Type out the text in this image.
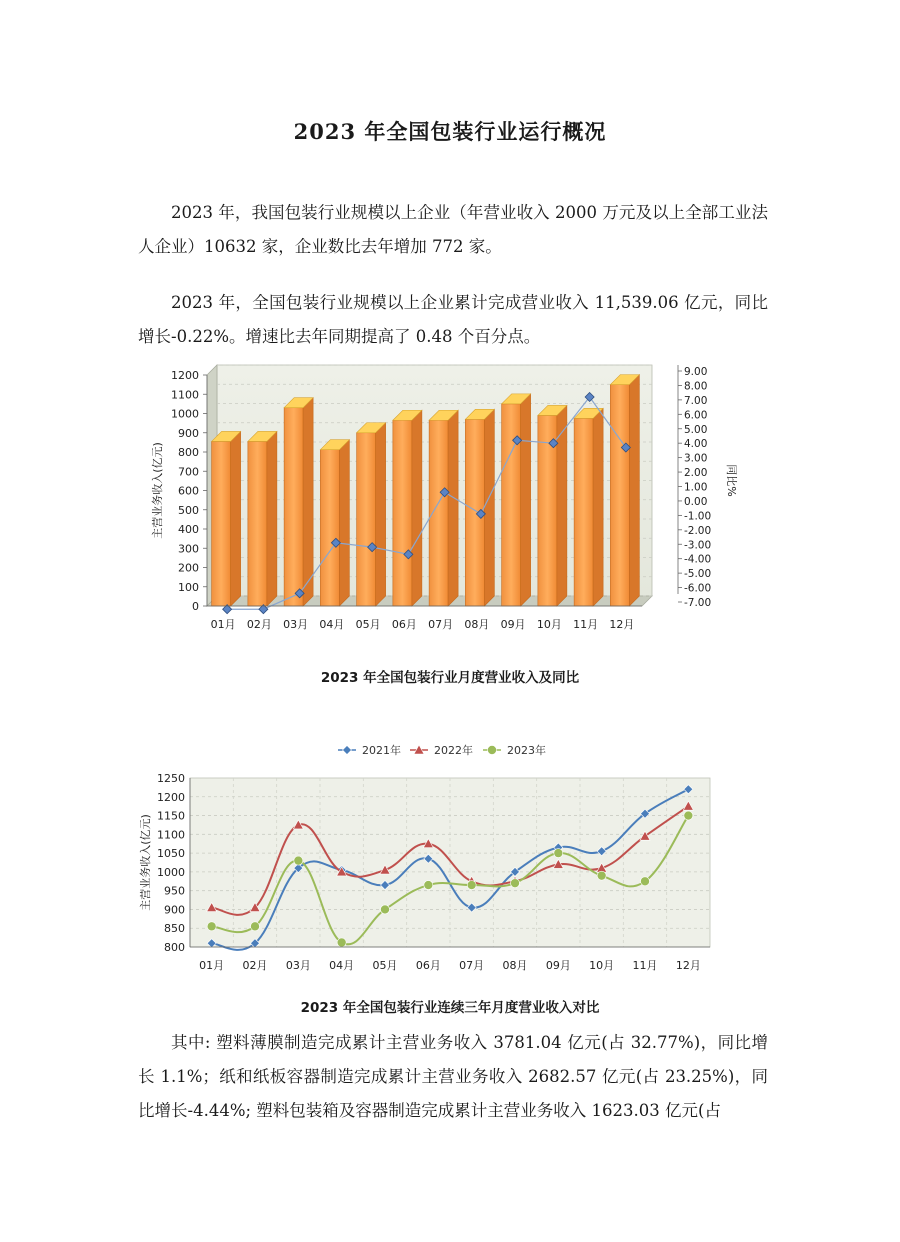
2023 年全国包装行业运行概况
2023 年，我国包装行业规模以上企业（年营业收入 2000 万元及以上全部工业法人企业）10632 家，企业数比去年增加 772 家。
2023 年，全国包装行业规模以上企业累计完成营业收入 11,539.06 亿元，同比增长-0.22%。增速比去年同期提高了 0.48 个百分点。
0
100
200
300
400
500
600
700
800
900
1000
1100
1200
-7.00
-6.00
-5.00
-4.00
-3.00
-2.00
-1.00
0.00
1.00
2.00
3.00
4.00
5.00
6.00
7.00
8.00
9.00
01月 02月 03月 04月 05月 06月 07月 08月 09月 10月 11月 12月
主营业务收入(亿元)	同比%
2023 年全国包装行业月度营业收入及同比
2021年	2022年	2023年
800
850
900
950
1000
1050
1100
1150
1200
1250
01月 02月 03月 04月 05月 06月 07月 08月 09月 10月 11月 12月
主营业务收入(亿元)
2023 年全国包装行业连续三年月度营业收入对比
其中: 塑料薄膜制造完成累计主营业务收入 3781.04 亿元(占 32.77%)，同比增长 1.1%；纸和纸板容器制造完成累计主营业务收入 2682.57 亿元(占 23.25%)，同比增长-4.44%; 塑料包装箱及容器制造完成累计主营业务收入 1623.03 亿元(占
